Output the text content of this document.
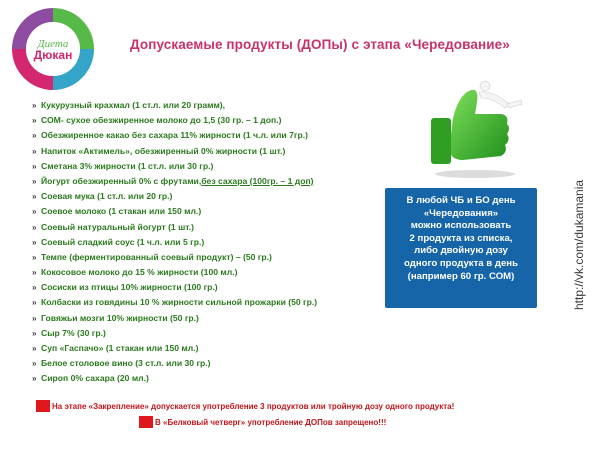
Диета
Дюкан
Допускаемые продукты (ДОПы) с этапа «Чередование»
» Кукурузный крахмал (1 ст.л. или 20 грамм),
» СОМ- сухое обезжиренное молоко до 1,5 (30 гр. – 1 доп.)
» Обезжиренное какао без сахара 11% жирности (1 ч.л. или 7гр.)
» Напиток «Актимель», обезжиренный 0% жирности (1 шт.)
» Сметана 3% жирности (1 ст.л. или 30 гр.)
» Йогурт обезжиренный 0% с фрутами, без сахара (100гр. – 1 доп)
» Соевая мука (1 ст.л. или 20 гр.)
» Соевое молоко (1 стакан или 150 мл.)
» Соевый натуральный йогурт (1 шт.)
» Соевый сладкий соус (1 ч.л. или 5 гр.)
» Темпе (ферментированный соевый продукт) – (50 гр.)
» Кокосовое молоко до 15 % жирности (100 мл.)
» Сосиски из птицы 10% жирности (100 гр.)
» Колбаски из говядины 10 % жирности сильной прожарки (50 гр.)
» Говяжьи мозги 10% жирности (50 гр.)
» Сыр 7% (30 гр.)
» Суп «Гаспачо» (1 стакан или 150 мл.)
» Белое столовое вино (3 ст.л. или 30 гр.)
» Сироп 0% сахара (20 мл.)
В любой ЧБ и БО день
«Чередования»
можно использовать
2 продукта из списка,
либо двойную дозу
одного продукта в день
(например 60 гр. СОМ)	http://vk.com/dukamania
На этапе «Закрепление» допускается употребление 3 продуктов или тройную дозу одного продукта!
В «Белковый четверг» употребление ДОПов запрещено!!!
